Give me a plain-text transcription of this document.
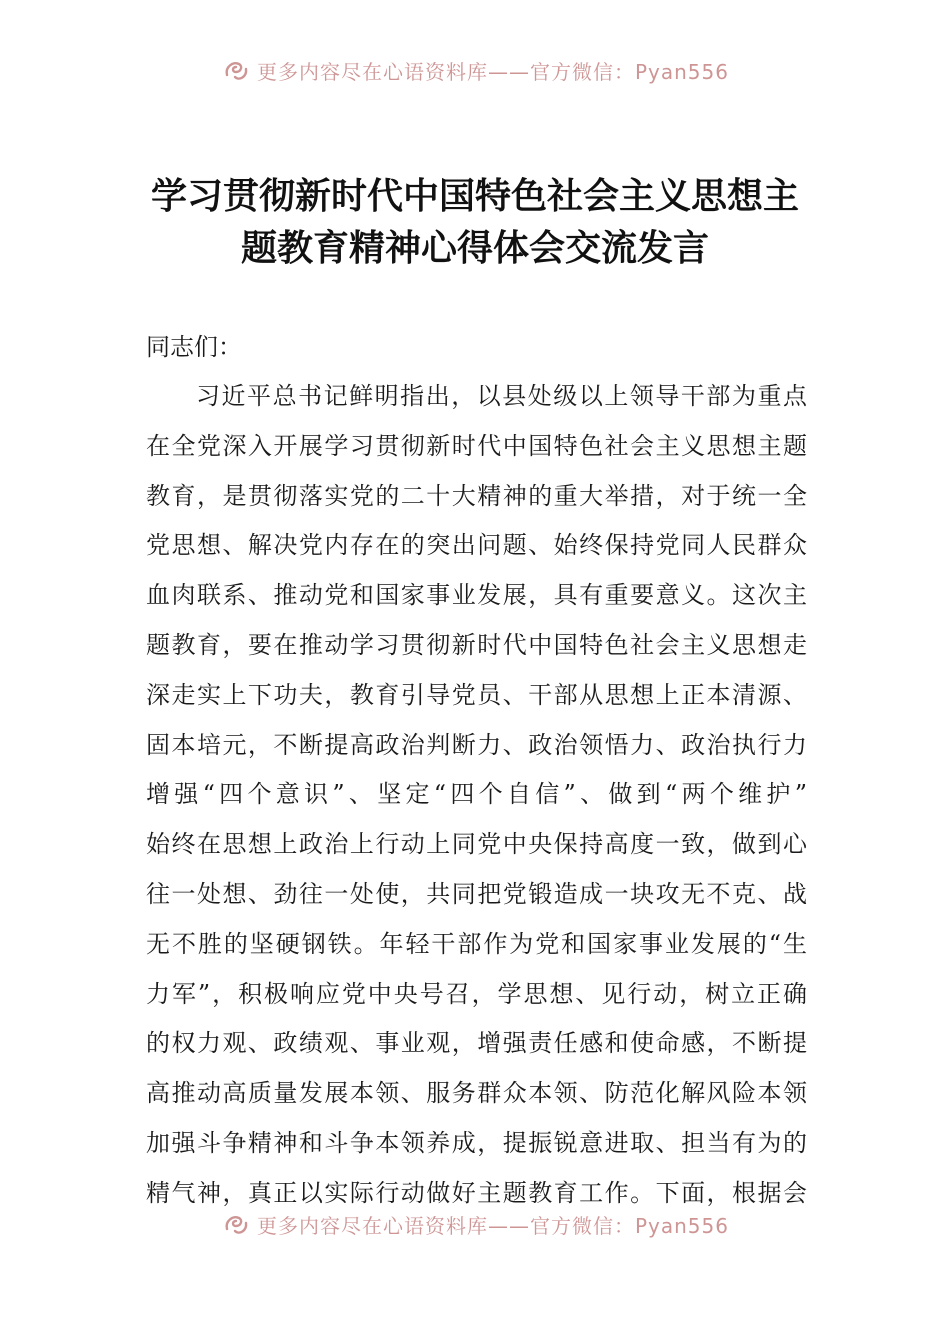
更多内容尽在心语资料库——官方微信：Pyan556
学习贯彻新时代中国特色社会主义思想主
题教育精神心得体会交流发言
同志们：
习近平总书记鲜明指出，以县处级以上领导干部为重点
在全党深入开展学习贯彻新时代中国特色社会主义思想主题
教育，是贯彻落实党的二十大精神的重大举措，对于统一全
党思想、解决党内存在的突出问题、始终保持党同人民群众
血肉联系、推动党和国家事业发展，具有重要意义。这次主
题教育，要在推动学习贯彻新时代中国特色社会主义思想走
深走实上下功夫，教育引导党员、干部从思想上正本清源、
固本培元，不断提高政治判断力、政治领悟力、政治执行力
增强“四个意识”、坚定“四个自信”、做到“两个维护”
始终在思想上政治上行动上同党中央保持高度一致，做到心
往一处想、劲往一处使，共同把党锻造成一块攻无不克、战
无不胜的坚硬钢铁。年轻干部作为党和国家事业发展的“生
力军”，积极响应党中央号召，学思想、见行动，树立正确
的权力观、政绩观、事业观，增强责任感和使命感，不断提
高推动高质量发展本领、服务群众本领、防范化解风险本领
加强斗争精神和斗争本领养成，提振锐意进取、担当有为的
精气神，真正以实际行动做好主题教育工作。下面，根据会
更多内容尽在心语资料库——官方微信：Pyan556
